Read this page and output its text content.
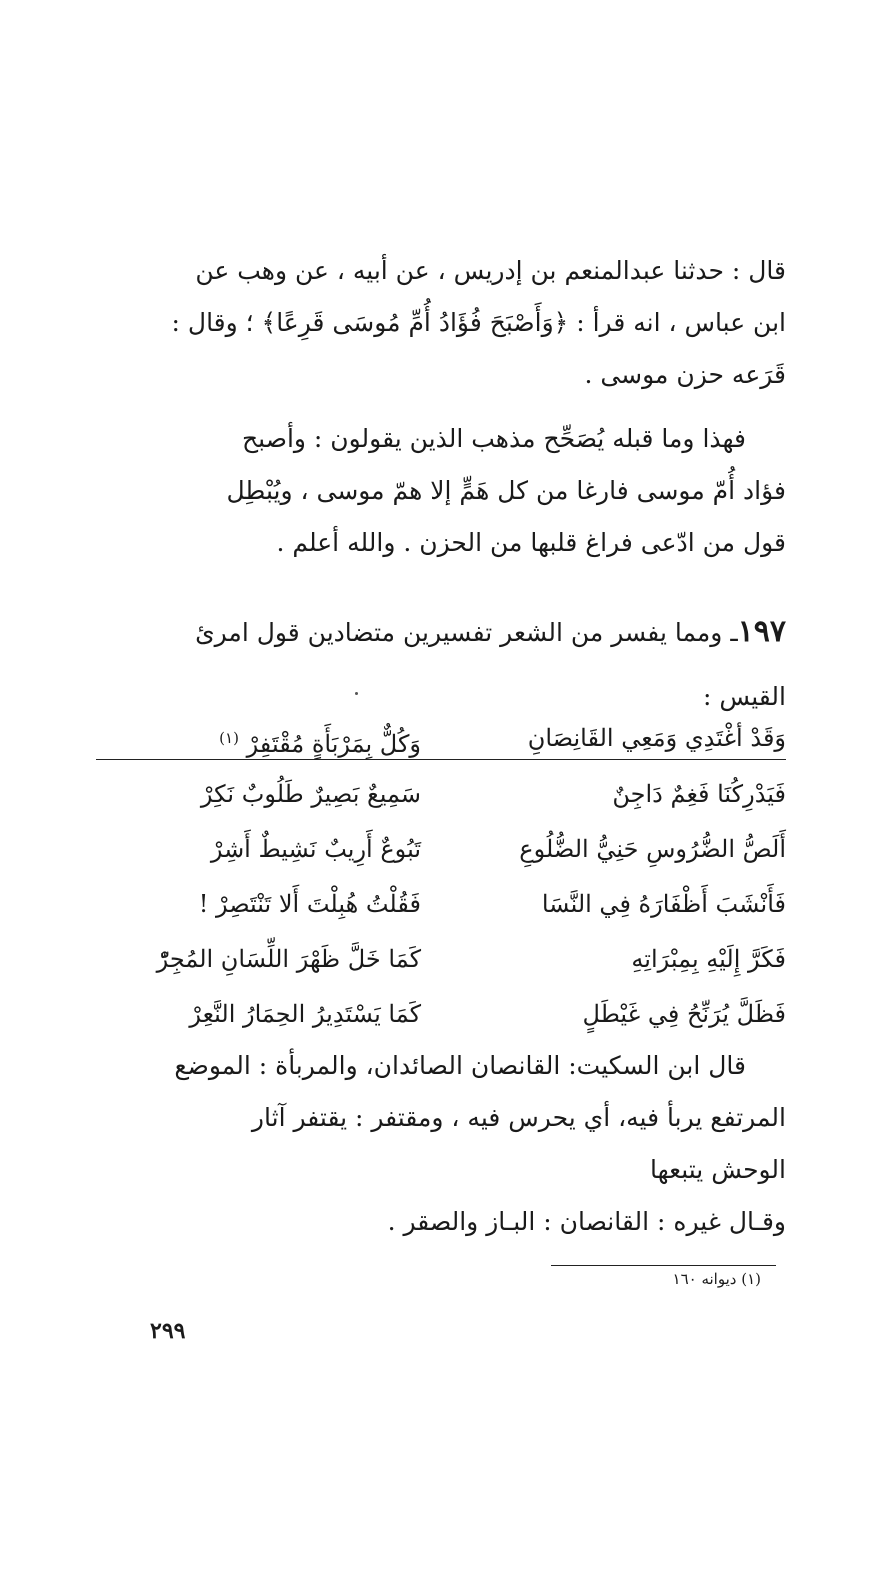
قال : حدثنا عبدالمنعم بن إدريس ، عن أبيه ، عن وهب عن

ابن عباس ، انه قرأ : ﴿وَأَصْبَحَ فُؤَادُ أُمِّ مُوسَى قَرِعًا﴾ ؛ وقال :

قَرَعه حزن موسى .

فهذا وما قبله يُصَحِّح مذهب الذين يقولون : وأصبح

فؤاد أُمّ موسى فارغا من كل هَمٍّ إلا همّ موسى ، ويُبْطِل

قول من ادّعى فراغ قلبها من الحزن . والله أعلم .

١٩٧ـ ومما يفسر من الشعر تفسيرين متضادين قول امرئ

القيس :

وَقَدْ أغْتَدِي وَمَعِي القَانِصَانِ
وَكُلٌّ بِمَرْبَأَةٍ مُقْتَفِرْ $^{(١)}$
فَيَدْرِكُنَا فَغِمٌ دَاجِنٌ
سَمِيعٌ بَصِيرٌ طَلُوبٌ نَكِرْ
أَلَصُّ الضُّرُوسِ حَنِيُّ الضُّلُوعِ
تَبُوعٌ أَرِيبٌ نَشِيطٌ أَشِرْ
فَأَنْشَبَ أَظْفَارَهُ فِي النَّسَا
فَقُلْتُ هُبِلْتَ أَلا تَنْتَصِرْ !
فَكَرَّ إِلَيْهِ بِمِبْرَاتِهِ
كَمَا خَلَّ ظَهْرَ اللِّسَانِ المُجِرّْ
فَظَلَّ يُرَنِّحُ فِي غَيْطَلٍ
كَمَا يَسْتَدِيرُ الحِمَارُ النَّعِرْ

قال ابن السكيت: القانصان الصائدان، والمربأة : الموضع

المرتفع يربأ فيه، أي يحرس فيه ، ومقتفر : يقتفر آثار

الوحش يتبعها

وقـال غيره : القانصان : البـاز والصقر .

(١) ديوانه ١٦٠
٢٩٩
